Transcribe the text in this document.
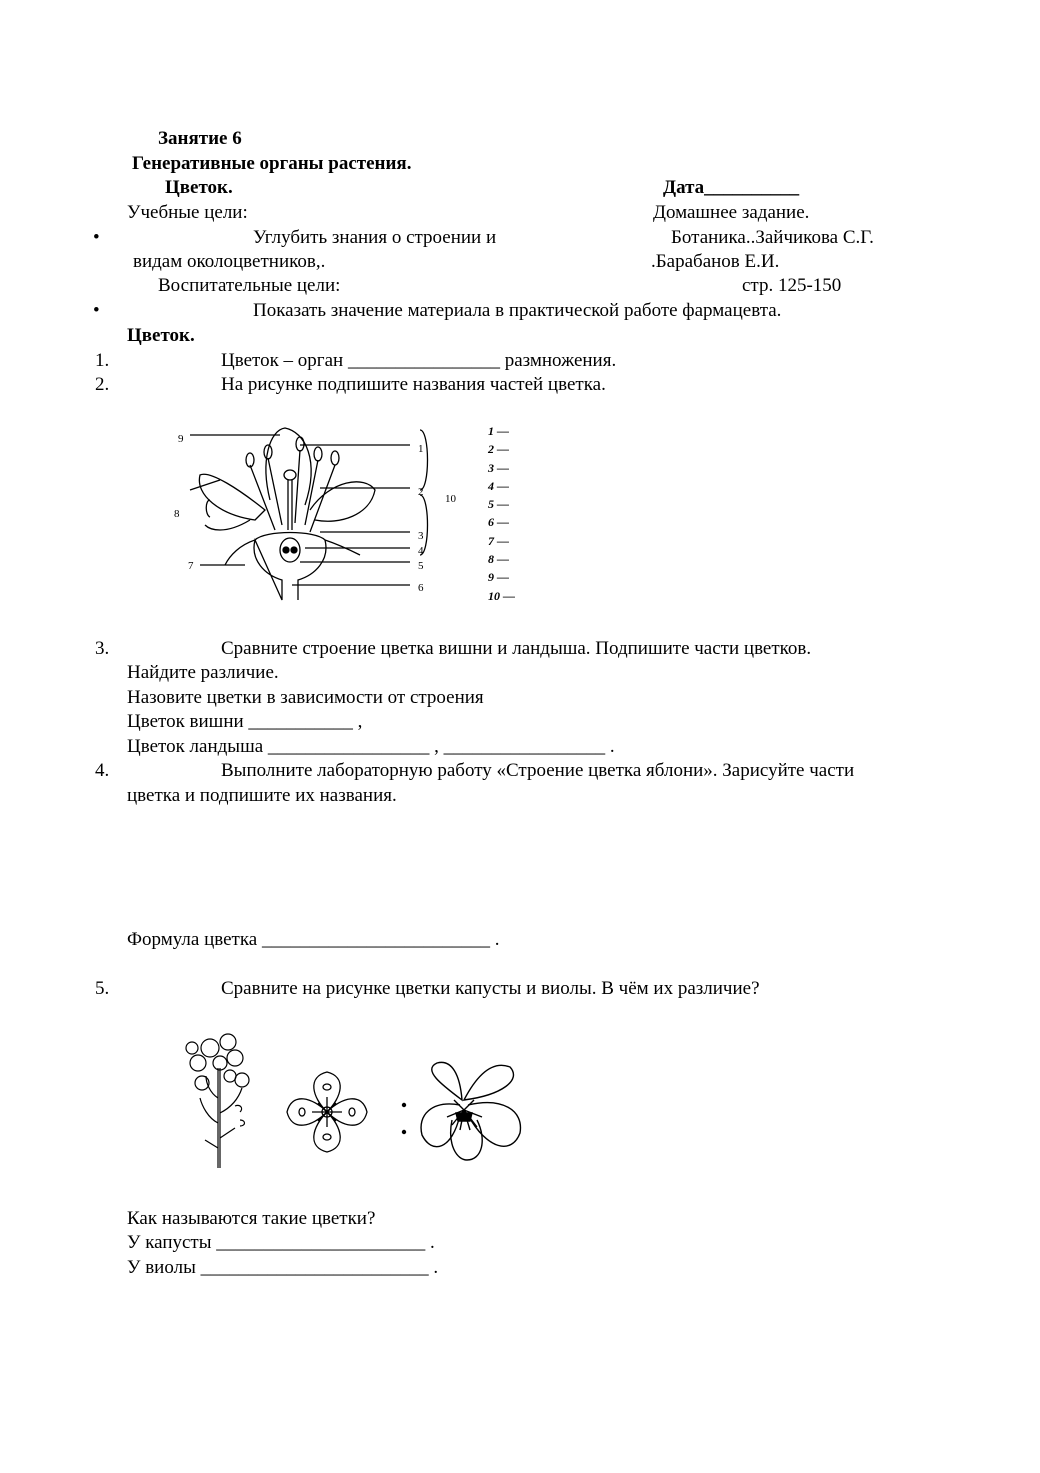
Занятие 6
Генеративные органы растения.
Цветок.	Дата__________
Учебные цели:	Домашнее задание.
•	Углубить знания о строении и	Ботаника..Зайчикова С.Г.
видам околоцветников,.	.Барабанов Е.И.
Воспитательные цели:	стр. 125-150
•	Показать значение материала в практической работе фармацевта.
Цветок.
1.	Цветок – орган ________________ размножения.
2.	На рисунке подпишите названия частей цветка.
9
1
2
10
8
3
4
5
7
6
1 —
2 —
3 —
4 —
5 —
6 —
7 —
8 —
9 —
10 —
3.	Сравните строение цветка вишни и ландыша. Подпишите части цветков.
Найдите различие.
Назовите цветки в зависимости от строения
Цветок вишни ___________ ,
Цветок ландыша _________________ , _________________ .
4.	Выполните лабораторную работу «Строение цветка яблони». Зарисуйте части
цветка и подпишите их названия.
Формула цветка ________________________ .
5.	Сравните на рисунке цветки капусты и виолы. В чём их различие?
Как называются такие цветки?
У капусты ______________________ .
У виолы ________________________ .
